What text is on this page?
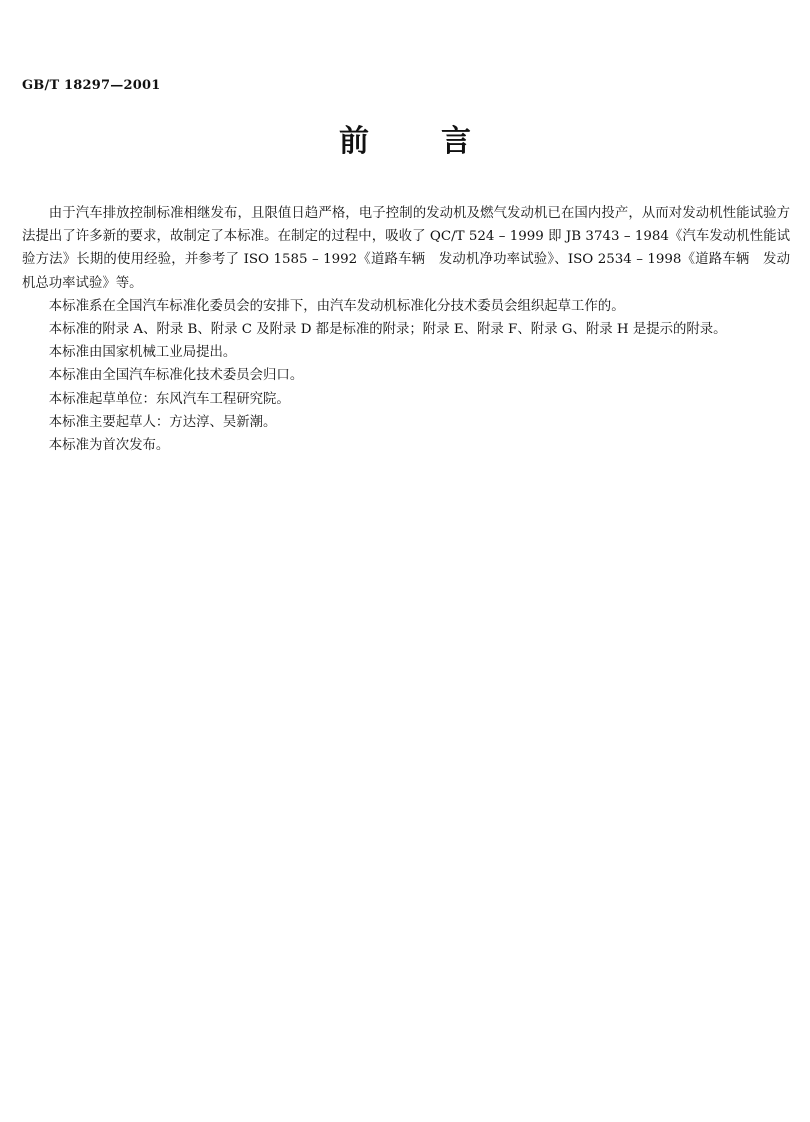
GB/T 18297—2001
前 言

由于汽车排放控制标准相继发布，且限值日趋严格，电子控制的发动机及燃气发动机已在国内投产，从而对发动机性能试验方法提出了许多新的要求，故制定了本标准。在制定的过程中，吸收了 QC/T 524 – 1999 即 JB 3743 – 1984《汽车发动机性能试验方法》长期的使用经验，并参考了 ISO 1585 – 1992《道路车辆　发动机净功率试验》、ISO 2534 – 1998《道路车辆　发动机总功率试验》等。

本标准系在全国汽车标准化委员会的安排下，由汽车发动机标准化分技术委员会组织起草工作的。

本标准的附录 A、附录 B、附录 C 及附录 D 都是标准的附录；附录 E、附录 F、附录 G、附录 H 是提示的附录。

本标准由国家机械工业局提出。

本标准由全国汽车标准化技术委员会归口。

本标准起草单位：东风汽车工程研究院。

本标准主要起草人：方达淳、吴新潮。

本标准为首次发布。
